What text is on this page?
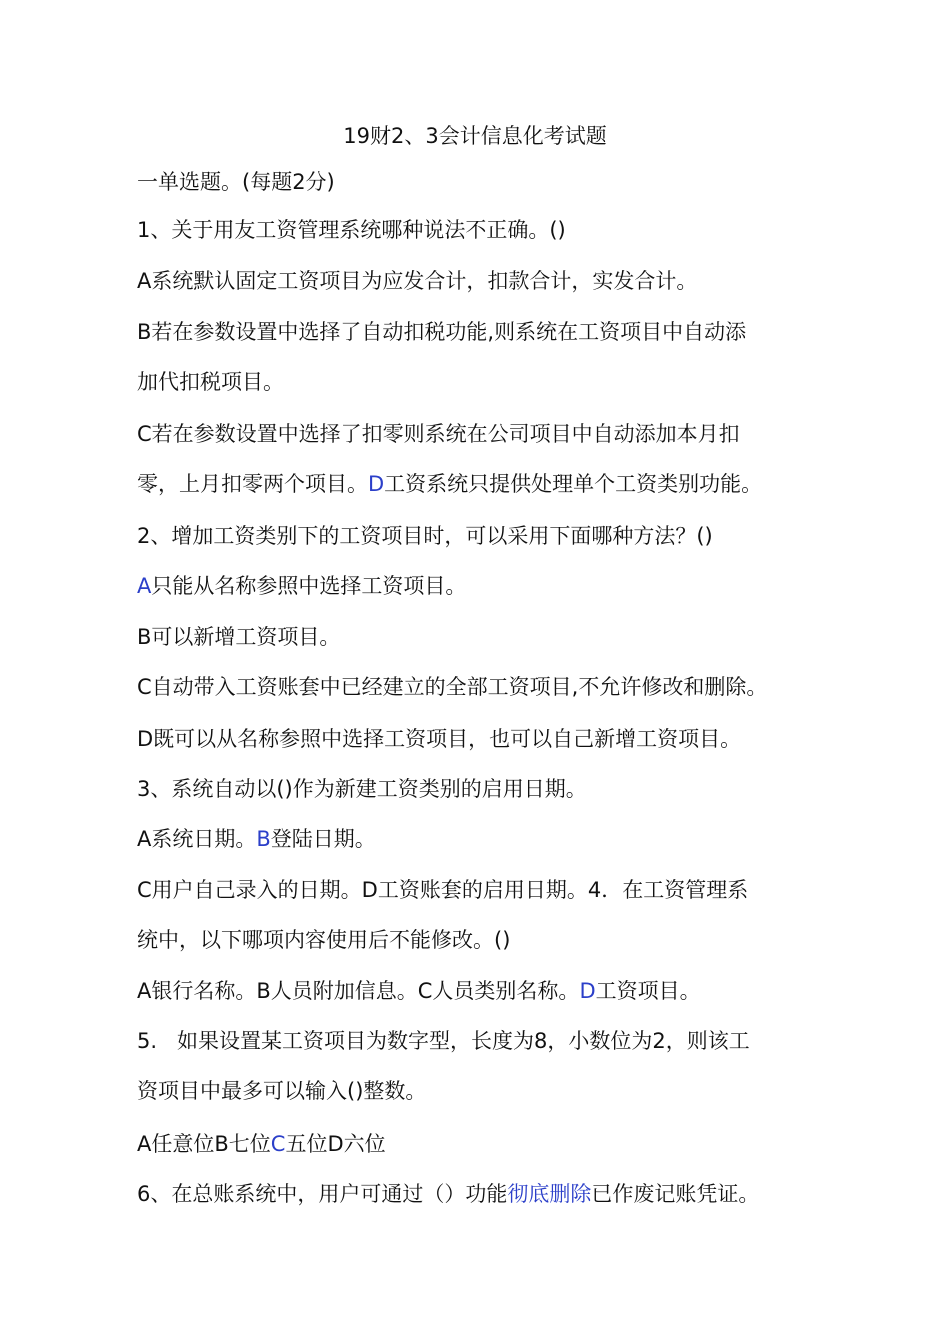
19财2、3会计信息化考试题
一单选题。(每题2分)
1、关于用友工资管理系统哪种说法不正确。()
A系统默认固定工资项目为应发合计，扣款合计，实发合计。
B若在参数设置中选择了自动扣税功能,则系统在工资项目中自动添
加代扣税项目。
C若在参数设置中选择了扣零则系统在公司项目中自动添加本月扣
零，上月扣零两个项目。D工资系统只提供处理单个工资类别功能。
2、增加工资类别下的工资项目时，可以采用下面哪种方法？()
A只能从名称参照中选择工资项目。
B可以新增工资项目。
C自动带入工资账套中已经建立的全部工资项目,不允许修改和删除。
D既可以从名称参照中选择工资项目，也可以自己新增工资项目。
3、系统自动以()作为新建工资类别的启用日期。
A系统日期。B登陆日期。
C用户自己录入的日期。D工资账套的启用日期。4．在工资管理系
统中，以下哪项内容使用后不能修改。()
A银行名称。B人员附加信息。C人员类别名称。D工资项目。
5.   如果设置某工资项目为数字型，长度为8，小数位为2，则该工
资项目中最多可以输入()整数。
A任意位B七位C五位D六位
6、在总账系统中，用户可通过（）功能彻底删除已作废记账凭证。
